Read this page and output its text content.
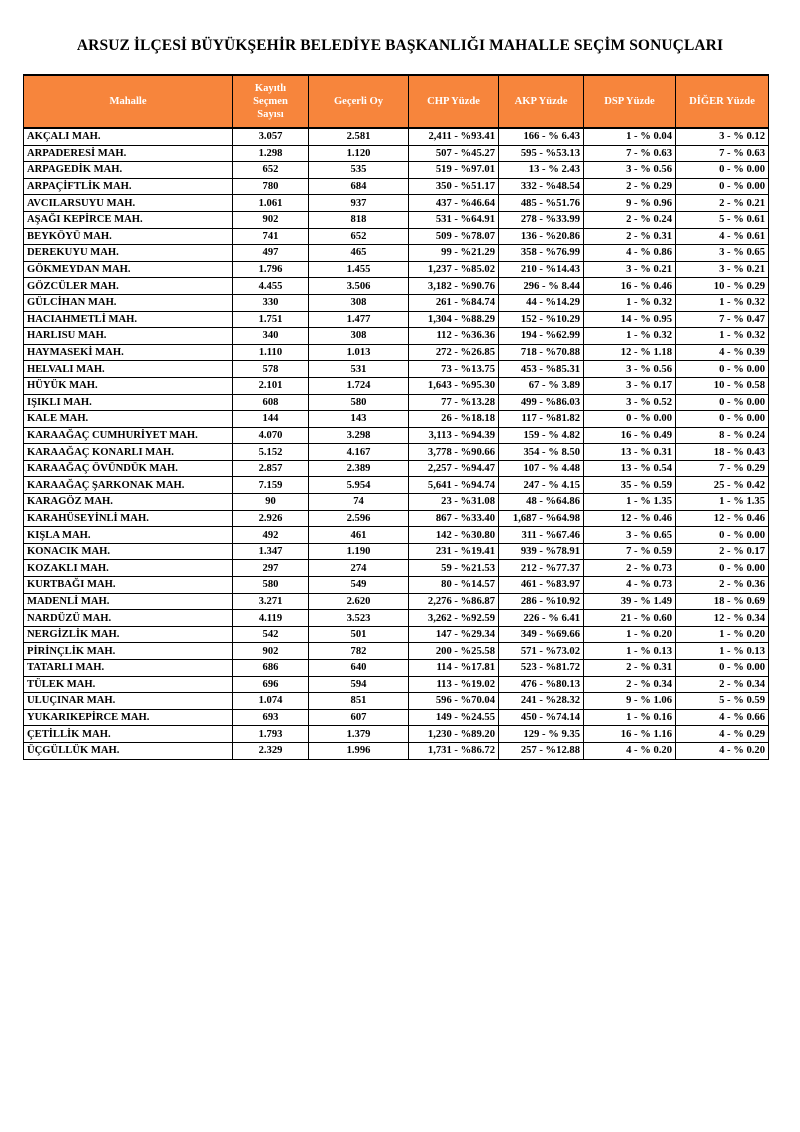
ARSUZ İLÇESİ BÜYÜKŞEHİR BELEDİYE BAŞKANLIĞI MAHALLE SEÇİM SONUÇLARI
Mahalle	Kayıtlı
Seçmen
Sayısı	Geçerli Oy	CHP Yüzde	AKP Yüzde	DSP Yüzde	DİĞER Yüzde
AKÇALI MAH.	3.057	2.581	2,411 - %93.41	166 - % 6.43	1 - % 0.04	3 - % 0.12
ARPADERESİ MAH.	1.298	1.120	507 - %45.27	595 - %53.13	7 - % 0.63	7 - % 0.63
ARPAGEDİK MAH.	652	535	519 - %97.01	13 - % 2.43	3 - % 0.56	0 - % 0.00
ARPAÇİFTLİK MAH.	780	684	350 - %51.17	332 - %48.54	2 - % 0.29	0 - % 0.00
AVCILARSUYU MAH.	1.061	937	437 - %46.64	485 - %51.76	9 - % 0.96	2 - % 0.21
AŞAĞI KEPİRCE MAH.	902	818	531 - %64.91	278 - %33.99	2 - % 0.24	5 - % 0.61
BEYKÖYÜ MAH.	741	652	509 - %78.07	136 - %20.86	2 - % 0.31	4 - % 0.61
DEREKUYU MAH.	497	465	99 - %21.29	358 - %76.99	4 - % 0.86	3 - % 0.65
GÖKMEYDAN MAH.	1.796	1.455	1,237 - %85.02	210 - %14.43	3 - % 0.21	3 - % 0.21
GÖZCÜLER MAH.	4.455	3.506	3,182 - %90.76	296 - % 8.44	16 - % 0.46	10 - % 0.29
GÜLCİHAN MAH.	330	308	261 - %84.74	44 - %14.29	1 - % 0.32	1 - % 0.32
HACIAHMETLİ MAH.	1.751	1.477	1,304 - %88.29	152 - %10.29	14 - % 0.95	7 - % 0.47
HARLISU MAH.	340	308	112 - %36.36	194 - %62.99	1 - % 0.32	1 - % 0.32
HAYMASEKİ MAH.	1.110	1.013	272 - %26.85	718 - %70.88	12 - % 1.18	4 - % 0.39
HELVALI MAH.	578	531	73 - %13.75	453 - %85.31	3 - % 0.56	0 - % 0.00
HÜYÜK MAH.	2.101	1.724	1,643 - %95.30	67 - % 3.89	3 - % 0.17	10 - % 0.58
IŞIKLI MAH.	608	580	77 - %13.28	499 - %86.03	3 - % 0.52	0 - % 0.00
KALE MAH.	144	143	26 - %18.18	117 - %81.82	0 - % 0.00	0 - % 0.00
KARAAĞAÇ CUMHURİYET MAH.	4.070	3.298	3,113 - %94.39	159 - % 4.82	16 - % 0.49	8 - % 0.24
KARAAĞAÇ KONARLI MAH.	5.152	4.167	3,778 - %90.66	354 - % 8.50	13 - % 0.31	18 - % 0.43
KARAAĞAÇ ÖVÜNDÜK MAH.	2.857	2.389	2,257 - %94.47	107 - % 4.48	13 - % 0.54	7 - % 0.29
KARAAĞAÇ ŞARKONAK MAH.	7.159	5.954	5,641 - %94.74	247 - % 4.15	35 - % 0.59	25 - % 0.42
KARAGÖZ MAH.	90	74	23 - %31.08	48 - %64.86	1 - % 1.35	1 - % 1.35
KARAHÜSEYİNLİ MAH.	2.926	2.596	867 - %33.40	1,687 - %64.98	12 - % 0.46	12 - % 0.46
KIŞLA MAH.	492	461	142 - %30.80	311 - %67.46	3 - % 0.65	0 - % 0.00
KONACIK MAH.	1.347	1.190	231 - %19.41	939 - %78.91	7 - % 0.59	2 - % 0.17
KOZAKLI MAH.	297	274	59 - %21.53	212 - %77.37	2 - % 0.73	0 - % 0.00
KURTBAĞI MAH.	580	549	80 - %14.57	461 - %83.97	4 - % 0.73	2 - % 0.36
MADENLİ MAH.	3.271	2.620	2,276 - %86.87	286 - %10.92	39 - % 1.49	18 - % 0.69
NARDÜZÜ MAH.	4.119	3.523	3,262 - %92.59	226 - % 6.41	21 - % 0.60	12 - % 0.34
NERGİZLİK MAH.	542	501	147 - %29.34	349 - %69.66	1 - % 0.20	1 - % 0.20
PİRİNÇLİK MAH.	902	782	200 - %25.58	571 - %73.02	1 - % 0.13	1 - % 0.13
TATARLI MAH.	686	640	114 - %17.81	523 - %81.72	2 - % 0.31	0 - % 0.00
TÜLEK MAH.	696	594	113 - %19.02	476 - %80.13	2 - % 0.34	2 - % 0.34
ULUÇINAR MAH.	1.074	851	596 - %70.04	241 - %28.32	9 - % 1.06	5 - % 0.59
YUKARIKEPİRCE MAH.	693	607	149 - %24.55	450 - %74.14	1 - % 0.16	4 - % 0.66
ÇETİLLİK MAH.	1.793	1.379	1,230 - %89.20	129 - % 9.35	16 - % 1.16	4 - % 0.29
ÜÇGÜLLÜK MAH.	2.329	1.996	1,731 - %86.72	257 - %12.88	4 - % 0.20	4 - % 0.20
